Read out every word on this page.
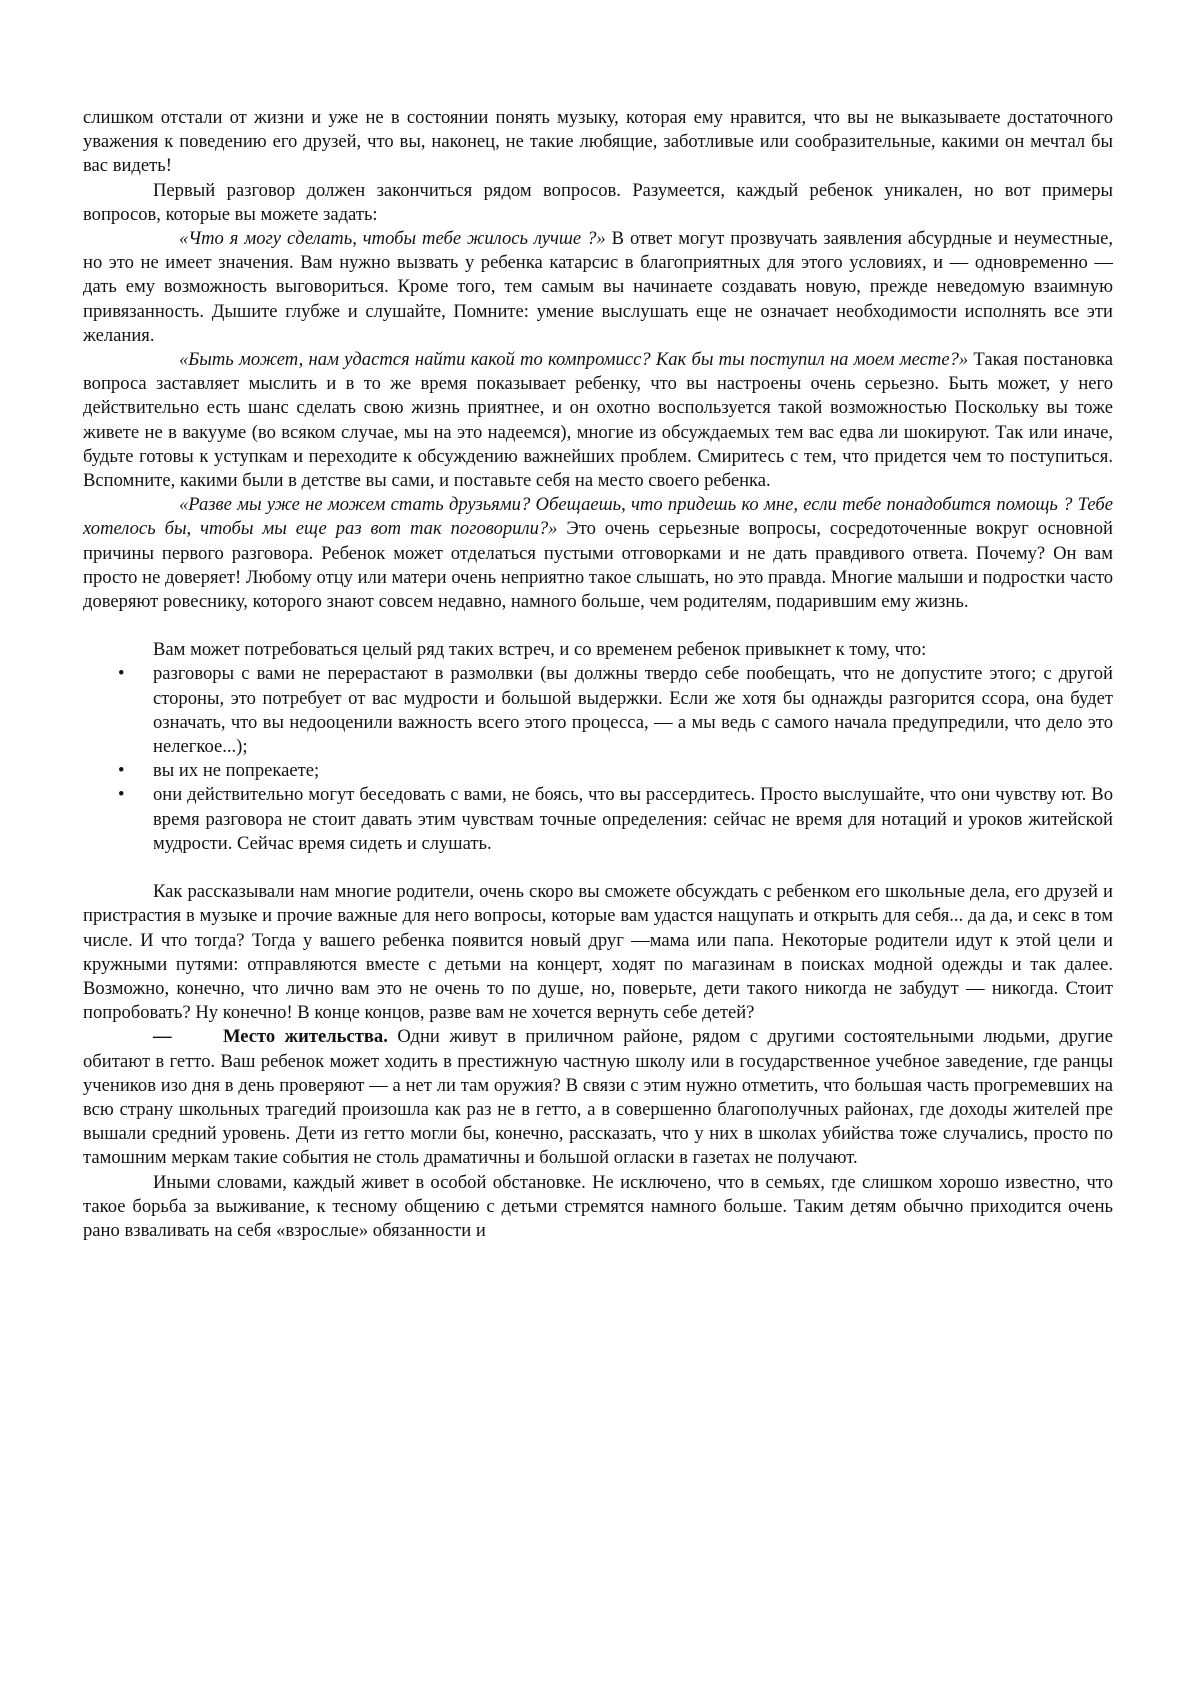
слишком отстали от жизни и уже не в состоянии понять музыку, которая ему нравится, что вы не выказываете достаточного уважения к поведению его друзей, что вы, наконец, не такие любящие, заботливые или сообразительные, какими он мечтал бы вас видеть!

Первый разговор должен закончиться рядом вопросов. Разумеется, каждый ребенок уникален, но вот примеры вопросов, которые вы можете задать:

«Что я могу сделать, чтобы тебе жилось лучше ?» В ответ могут прозвучать заявления абсурдные и неуместные, но это не имеет значения. Вам нужно вызвать у ребенка катарсис в благоприятных для этого условиях, и — одновременно — дать ему возможность выговориться. Кроме того, тем самым вы начинаете создавать новую, прежде неведомую взаимную привязанность. Дышите глубже и слушайте, Помните: умение выслушать еще не означает необходимости исполнять все эти желания.

«Быть может, нам удастся найти какой то компромисс? Как бы ты поступил на моем месте?» Такая постановка вопроса заставляет мыслить и в то же время показывает ребенку, что вы настроены очень серьезно. Быть может, у него действительно есть шанс сделать свою жизнь приятнее, и он охотно воспользуется такой возможностью Поскольку вы тоже живете не в вакууме (во всяком случае, мы на это надеемся), многие из обсуждаемых тем вас едва ли шокируют. Так или иначе, будьте готовы к уступкам и переходите к обсуждению важнейших проблем. Смиритесь с тем, что придется чем то поступиться. Вспомните, какими были в детстве вы сами, и поставьте себя на место своего ребенка.

«Разве мы уже не можем стать друзьями? Обещаешь, что придешь ко мне, если тебе понадобится помощь ? Тебе хотелось бы, чтобы мы еще раз вот так поговорили?» Это очень серьезные вопросы, сосредоточенные вокруг основной причины первого разговора. Ребенок может отделаться пустыми отговорками и не дать правдивого ответа. Почему? Он вам просто не доверяет! Любому отцу или матери очень неприятно такое слышать, но это правда. Многие малыши и подростки часто доверяют ровеснику, которого знают совсем недавно, намного больше, чем родителям, подарившим ему жизнь.

Вам может потребоваться целый ряд таких встреч, и со временем ребенок привыкнет к тому, что:

• разговоры с вами не перерастают в размолвки (вы должны твердо себе пообещать, что не допустите этого; с другой стороны, это потребует от вас мудрости и большой выдержки. Если же хотя бы однажды разгорится ссора, она будет означать, что вы недооценили важность всего этого процесса, — а мы ведь с самого начала предупредили, что дело это нелегкое...);
• вы их не попрекаете;
• они действительно могут беседовать с вами, не боясь, что вы рассердитесь. Просто выслушайте, что они чувству ют. Во время разговора не стоит давать этим чувствам точные определения: сейчас не время для нотаций и уроков житейской мудрости. Сейчас время сидеть и слушать.

Как рассказывали нам многие родители, очень скоро вы сможете обсуждать с ребенком его школьные дела, его друзей и пристрастия в музыке и прочие важные для него вопросы, которые вам удастся нащупать и открыть для себя... да да, и секс в том числе. И что тогда? Тогда у вашего ребенка появится новый друг —мама или папа. Некоторые родители идут к этой цели и кружными путями: отправляются вместе с детьми на концерт, ходят по магазинам в поисках модной одежды и так далее. Возможно, конечно, что лично вам это не очень то по душе, но, поверьте, дети такого никогда не забудут — никогда. Стоит попробовать? Ну конечно! В конце концов, разве вам не хочется вернуть себе детей?

—	Место жительства. Одни живут в приличном районе, рядом с другими состоятельными людьми, другие обитают в гетто. Ваш ребенок может ходить в престижную частную школу или в государственное учебное заведение, где ранцы учеников изо дня в день проверяют — а нет ли там оружия? В связи с этим нужно отметить, что большая часть прогремевших на всю страну школьных трагедий произошла как раз не в гетто, а в совершенно благополучных районах, где доходы жителей пре вышали средний уровень. Дети из гетто могли бы, конечно, рассказать, что у них в школах убийства тоже случались, просто по тамошним меркам такие события не столь драматичны и большой огласки в газетах не получают.

Иными словами, каждый живет в особой обстановке. Не исключено, что в семьях, где слишком хорошо известно, что такое борьба за выживание, к тесному общению с детьми стремятся намного больше. Таким детям обычно приходится очень рано взваливать на себя «взрослые» обязанности и
